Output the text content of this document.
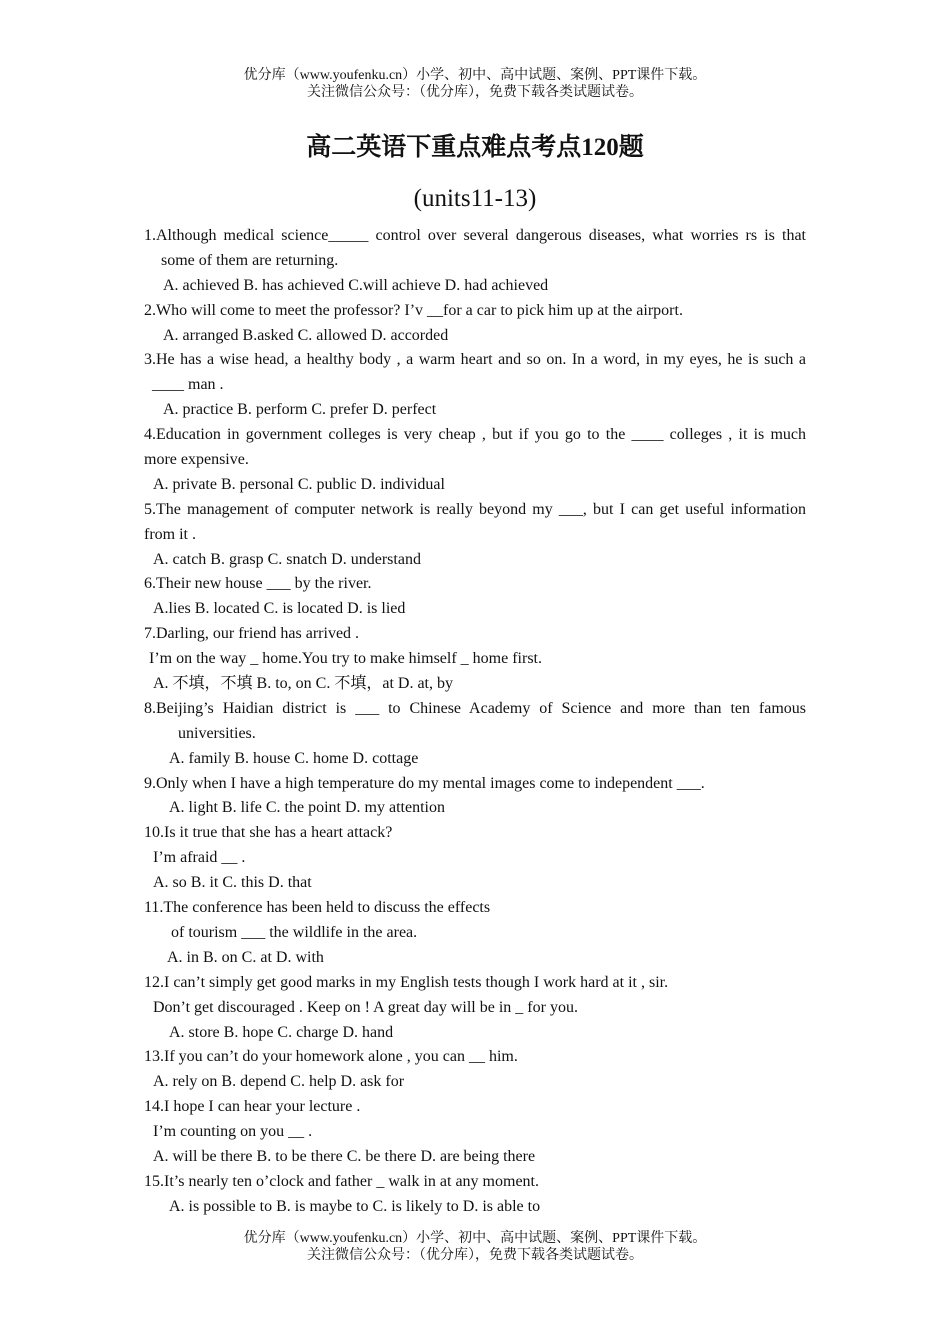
优分库（www.youfenku.cn）小学、初中、高中试题、案例、PPT课件下载。
关注微信公众号：（优分库），免费下载各类试题试卷。
高二英语下重点难点考点120题
(units11-13)
1.Although medical science_____ control over several dangerous diseases, what worries rs is that
some of them are returning.
A. achieved B. has achieved C.will achieve D. had achieved
2.Who will come to meet the professor? I’v __for a car to pick him up at the airport.
A. arranged B.asked C. allowed D. accorded
3.He has a wise head, a healthy body , a warm heart and so on. In a word, in my eyes, he is such a
____ man .
A. practice B. perform C. prefer D. perfect
4.Education in government colleges is very cheap , but if you go to the ____ colleges , it is much
more expensive.
A. private B. personal C. public D. individual
5.The management of computer network is really beyond my ___, but I can get useful information
from it .
A. catch B. grasp C. snatch D. understand
6.Their new house ___ by the river.
A.lies B. located C. is located D. is lied
7.Darling, our friend has arrived .
I’m on the way _ home.You try to make himself _ home first.
A. 不填，不填 B. to, on C. 不填，at D. at, by
8.Beijing’s Haidian district is ___ to Chinese Academy of Science and more than ten famous
universities.
A. family B. house C. home D. cottage
9.Only when I have a high temperature do my mental images come to independent ___.
A. light B. life C. the point D. my attention
10.Is it true that she has a heart attack?
I’m afraid __ .
A. so B. it C. this D. that
11.The conference has been held to discuss the effects
of tourism ___ the wildlife in the area.
A. in B. on C. at D. with
12.I can’t simply get good marks in my English tests though I work hard at it , sir.
Don’t get discouraged . Keep on ! A great day will be in _ for you.
A. store B. hope C. charge D. hand
13.If you can’t do your homework alone , you can __ him.
A. rely on B. depend C. help D. ask for
14.I hope I can hear your lecture .
I’m counting on you __ .
A. will be there B. to be there C. be there D. are being there
15.It’s nearly ten o’clock and father _ walk in at any moment.
A. is possible to B. is maybe to C. is likely to D. is able to
优分库（www.youfenku.cn）小学、初中、高中试题、案例、PPT课件下载。
关注微信公众号：（优分库），免费下载各类试题试卷。
